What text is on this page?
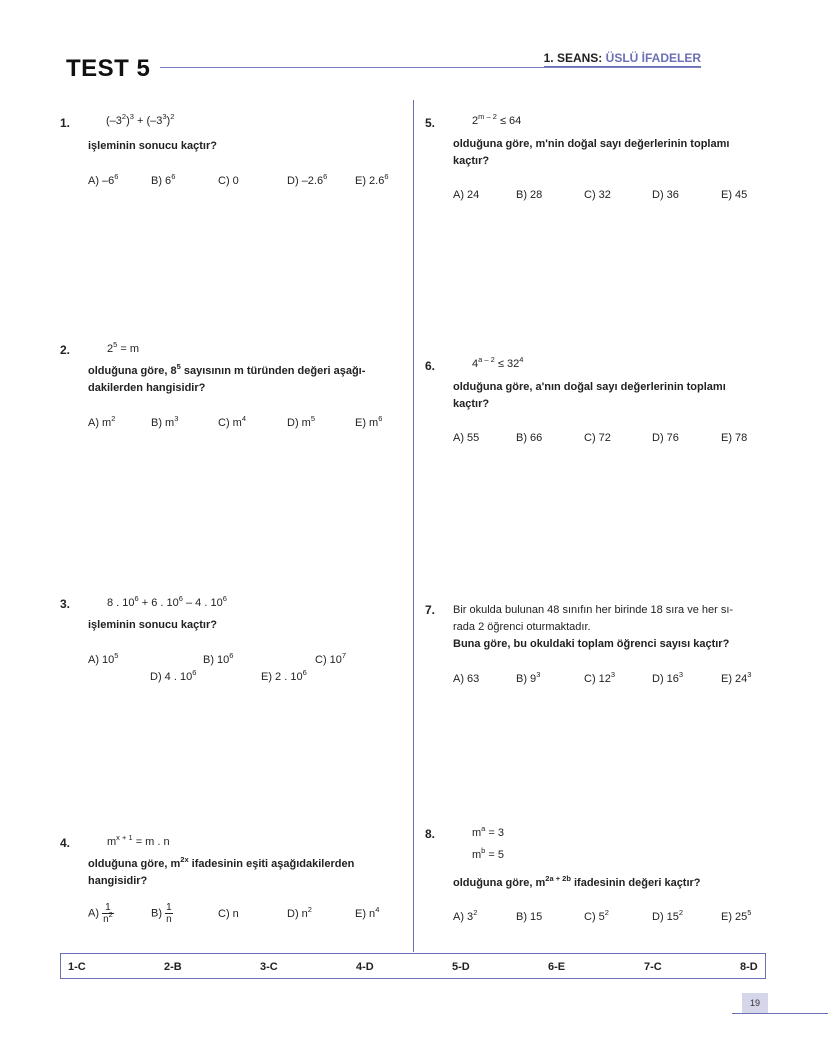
TEST 5	1. SEANS: ÜSLÜ İFADELER
1.	$(-3^2)^3 + (-3^3)^2$
işleminin sonucu kaçtır?
A) $-6^6$	B) $6^6$	C) 0	D) $-2.6^6$	E) $2.6^6$
2.	$2^5 = m$
olduğuna göre, $8^5$ sayısının m türünden değeri aşağı-
dakilerden hangisidir?
A) $m^2$	B) $m^3$	C) $m^4$	D) $m^5$	E) $m^6$
3.	8 . $10^6 + 6$ . $10^6 - 4$ . $10^6$
işleminin sonucu kaçtır?
A) $10^5$	B) $10^6$	C) $10^7$
D) 4 . $10^6$	E) 2 . $10^6$
4.	$m^{x + 1} = m$ . n
olduğuna göre, $m^{2x}$ ifadesinin eşiti aşağıdakilerden
hangisidir?
$A) \frac{1}{n^2}$	$B) \frac{1}{n}$	C) n	D) $n^2$	E) $n^4$
5.	$2^{m - 2} \le 64$
olduğuna göre, m'nin doğal sayı değerlerinin toplamı
kaçtır?
A) 24	B) 28	C) 32	D) 36	E) 45
6.	$4^{a - 2} \le 32^4$
olduğuna göre, a'nın doğal sayı değerlerinin toplamı
kaçtır?
A) 55	B) 66	C) 72	D) 76	E) 78
7. Bir okulda bulunan 48 sınıfın her birinde 18 sıra ve her sı-
rada 2 öğrenci oturmaktadır.
Buna göre, bu okuldaki toplam öğrenci sayısı kaçtır?
A) 63	B) $9^3$	C) $12^3$	D) $16^3$	E) $24^3$
8.	$m^a = 3$
$m^b = 5$
olduğuna göre, $m^{2a + 2b}$ ifadesinin değeri kaçtır?
A) $3^2$	B) 15	C) $5^2$	D) $15^2$	E) $25^5$
1-C	2-B	3-C	4-D	5-D	6-E	7-C	8-D
19
